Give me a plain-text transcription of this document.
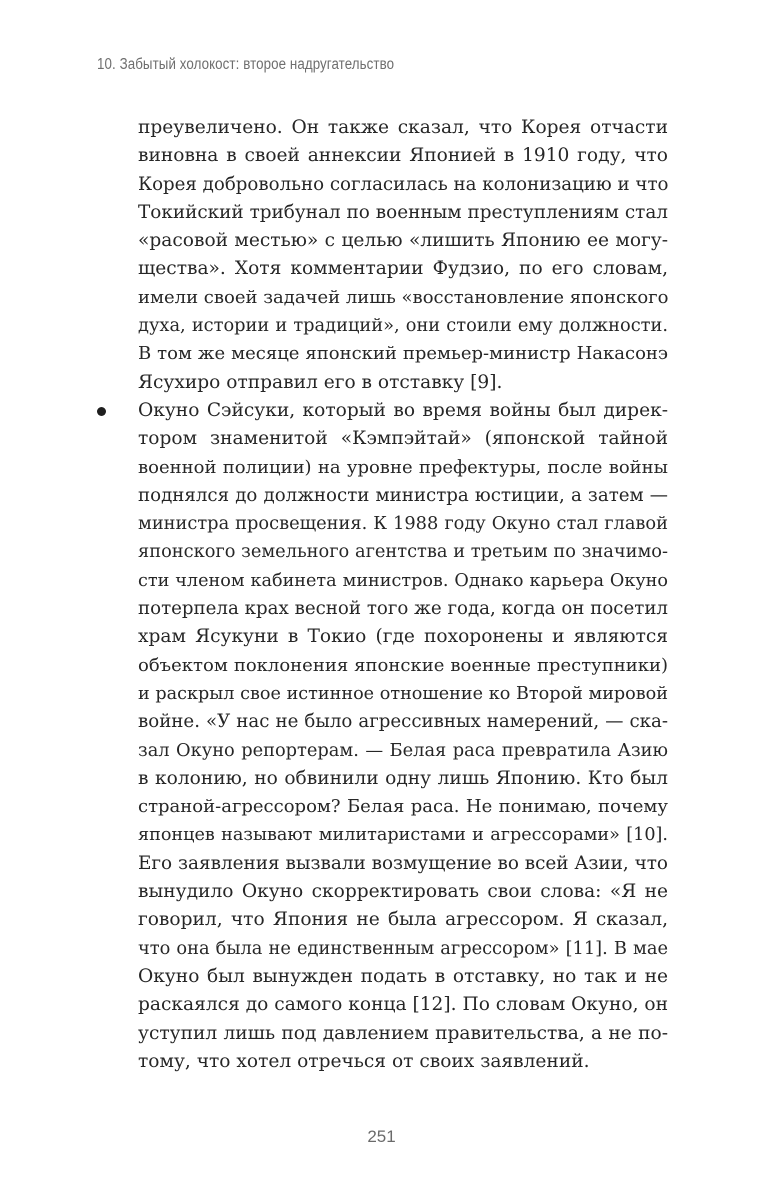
10. Забытый холокост: второе надругательство
преувеличено. Он также сказал, что Корея отчасти
виновна в своей аннексии Японией в 1910 году, что
Корея добровольно согласилась на колонизацию и что
Токийский трибунал по военным преступлениям стал
«расовой местью» с целью «лишить Японию ее могу-
щества». Хотя комментарии Фудзио, по его словам,
имели своей задачей лишь «восстановление японского
духа, истории и традиций», они стоили ему должности.
В том же месяце японский премьер-министр Накасонэ
Ясухиро отправил его в отставку [9].
Окуно Сэйсуки, который во время войны был дирек-
тором знаменитой «Кэмпэйтай» (японской тайной
военной полиции) на уровне префектуры, после войны
поднялся до должности министра юстиции, а затем —
министра просвещения. К 1988 году Окуно стал главой
японского земельного агентства и третьим по значимо-
сти членом кабинета министров. Однако карьера Окуно
потерпела крах весной того же года, когда он посетил
храм Ясукуни в Токио (где похоронены и являются
объектом поклонения японские военные преступники)
и раскрыл свое истинное отношение ко Второй мировой
войне. «У нас не было агрессивных намерений, — ска-
зал Окуно репортерам. — Белая раса превратила Азию
в колонию, но обвинили одну лишь Японию. Кто был
страной-агрессором? Белая раса. Не понимаю, почему
японцев называют милитаристами и агрессорами» [10].
Его заявления вызвали возмущение во всей Азии, что
вынудило Окуно скорректировать свои слова: «Я не
говорил, что Япония не была агрессором. Я сказал,
что она была не единственным агрессором» [11]. В мае
Окуно был вынужден подать в отставку, но так и не
раскаялся до самого конца [12]. По словам Окуно, он
уступил лишь под давлением правительства, а не по-
тому, что хотел отречься от своих заявлений.
251
